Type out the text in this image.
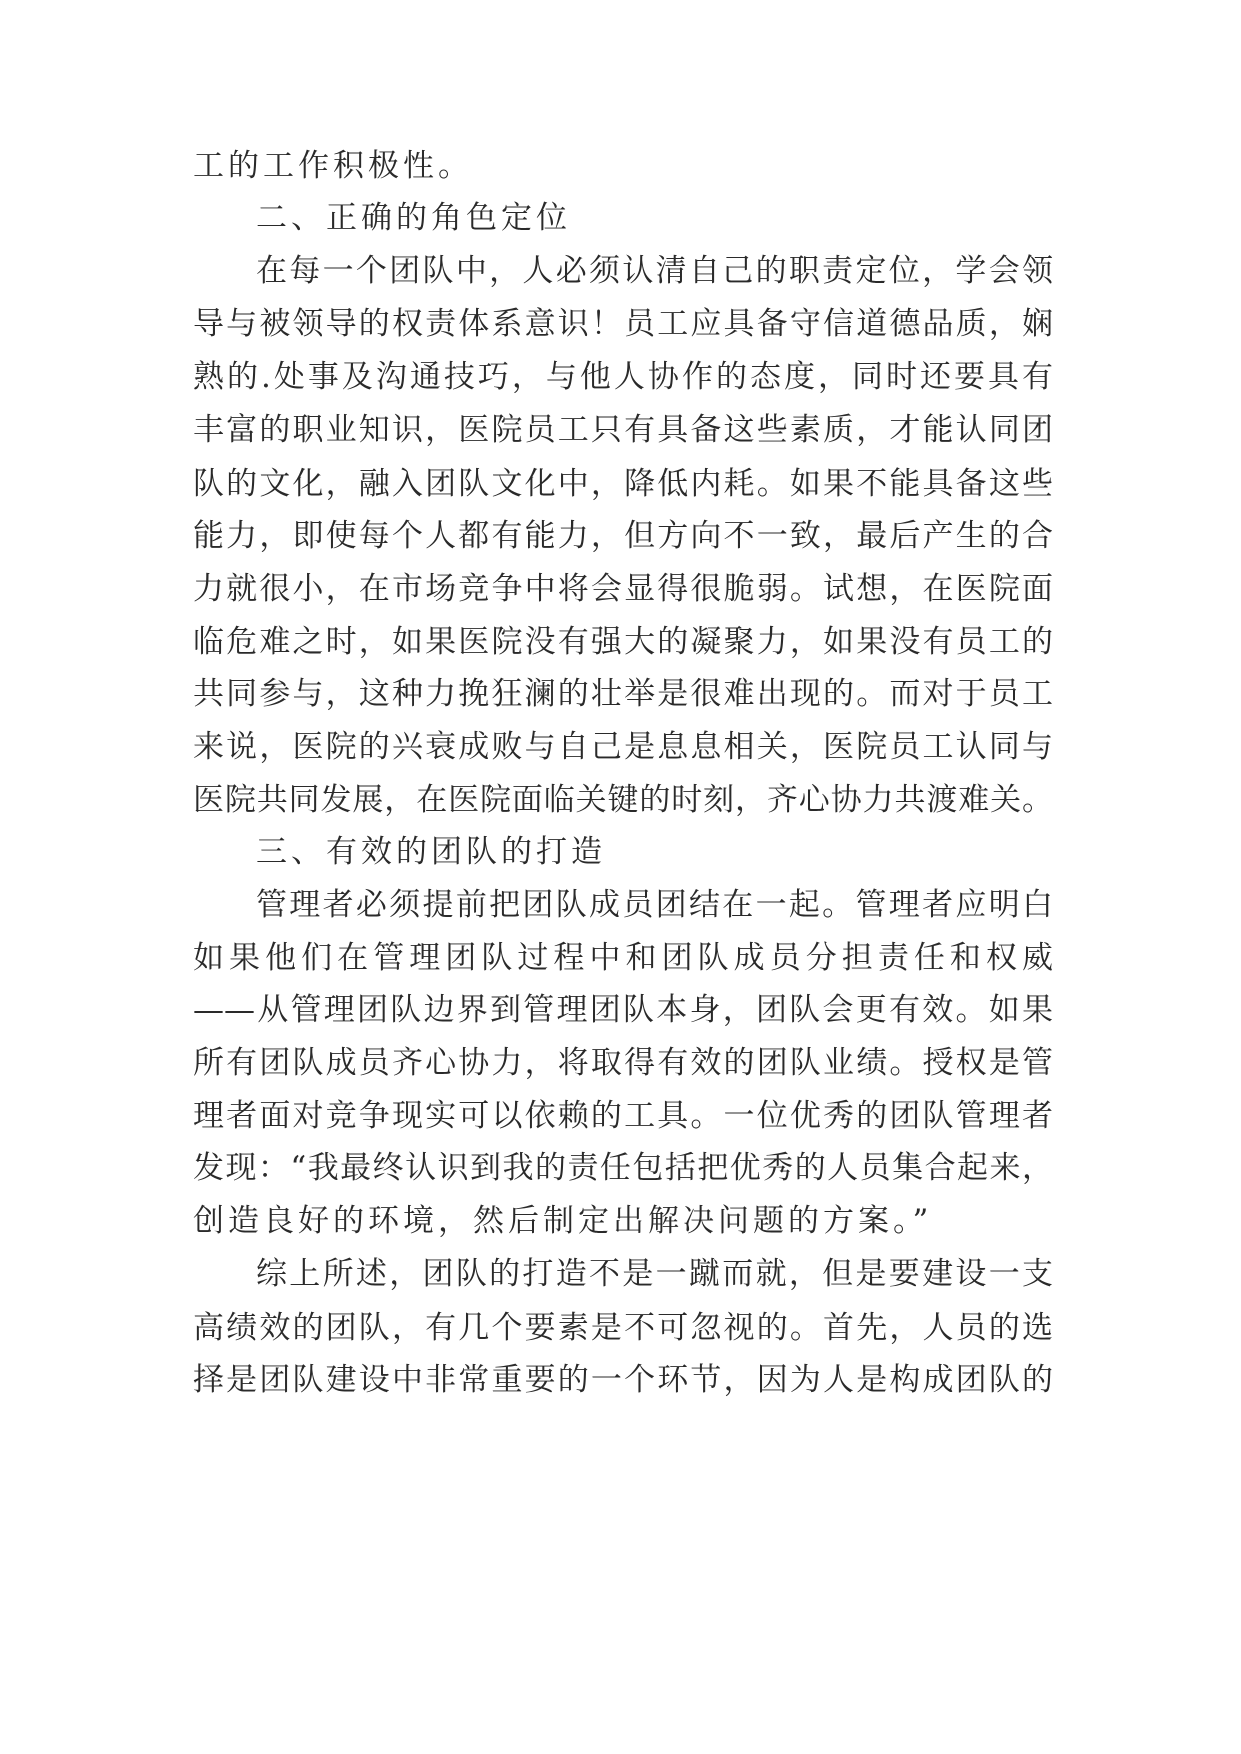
工的工作积极性。
二、正确的角色定位
在每一个团队中，人必须认清自己的职责定位，学会领
导与被领导的权责体系意识！员工应具备守信道德品质，娴
熟的.处事及沟通技巧，与他人协作的态度，同时还要具有
丰富的职业知识，医院员工只有具备这些素质，才能认同团
队的文化，融入团队文化中，降低内耗。如果不能具备这些
能力，即使每个人都有能力，但方向不一致，最后产生的合
力就很小，在市场竞争中将会显得很脆弱。试想，在医院面
临危难之时，如果医院没有强大的凝聚力，如果没有员工的
共同参与，这种力挽狂澜的壮举是很难出现的。而对于员工
来说，医院的兴衰成败与自己是息息相关，医院员工认同与
医院共同发展，在医院面临关键的时刻，齐心协力共渡难关。
三、有效的团队的打造
管理者必须提前把团队成员团结在一起。管理者应明白
如果他们在管理团队过程中和团队成员分担责任和权威
——从管理团队边界到管理团队本身，团队会更有效。如果
所有团队成员齐心协力，将取得有效的团队业绩。授权是管
理者面对竞争现实可以依赖的工具。一位优秀的团队管理者
发现：“我最终认识到我的责任包括把优秀的人员集合起来，
创造良好的环境，然后制定出解决问题的方案。”
综上所述，团队的打造不是一蹴而就，但是要建设一支
高绩效的团队，有几个要素是不可忽视的。首先，人员的选
择是团队建设中非常重要的一个环节，因为人是构成团队的
